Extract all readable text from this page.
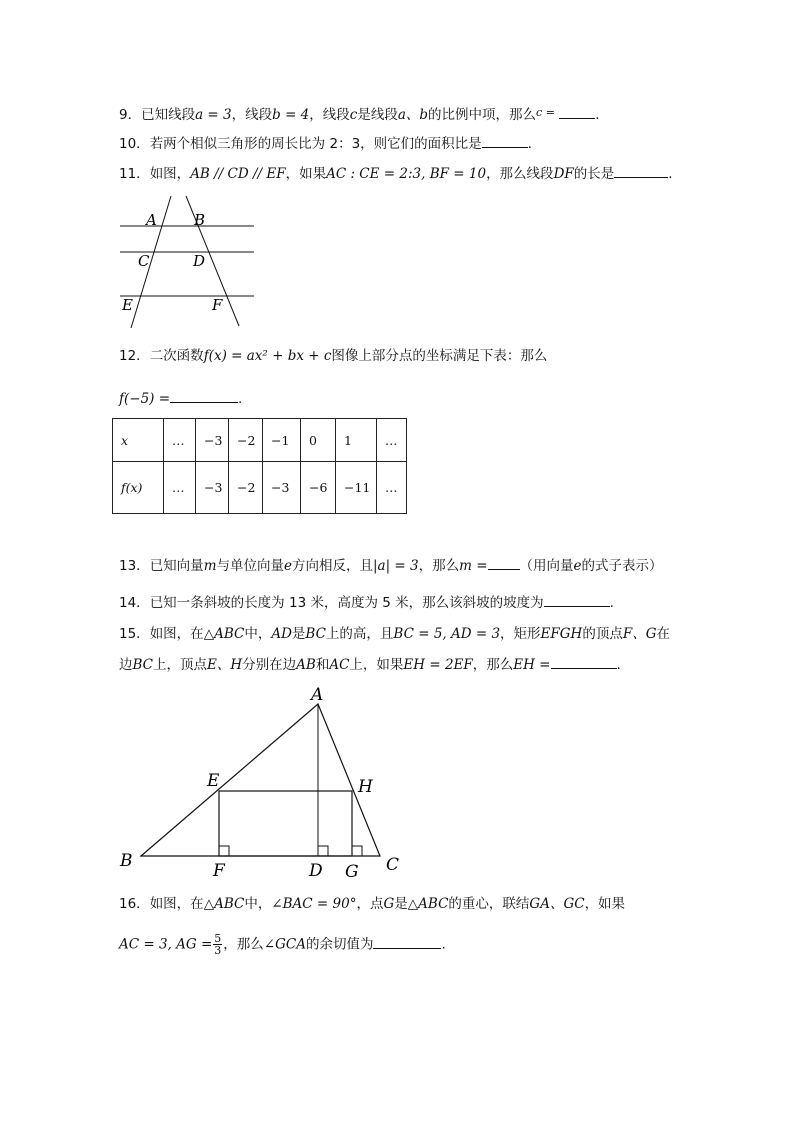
9．已知线段a = 3，线段b = 4，线段c是线段a、b的比例中项，那么$^{c =}$	.
10．若两个相似三角形的周长比为 2：3，则它们的面积比是	.
11．如图，AB // CD // EF，如果AC : CE = 2:3, BF = 10，那么线段DF的长是	.
A B
C	D
E	F
12．二次函数f(x) = ax² + bx + c图像上部分点的坐标满足下表：那么
f(−5) =	.
x	…	−3	−2	−1	0	1	…
f(x)	…	−3	−2	−3	−6	−11	…
13．已知向量m与单位向量e方向相反，且|a| = 3，那么m = （用向量e的式子表示）
14．已知一条斜坡的长度为 13 米，高度为 5 米，那么该斜坡的坡度为	.
15．如图，在△ABC中，AD是BC上的高，且BC = 5, AD = 3，矩形EFGH的顶点F、G在
边BC上，顶点E、H分别在边AB和AC上，如果EH = 2EF，那么EH =	.
A
E	H
B	F	D G C
16．如图，在△ABC中，∠BAC = 90°，点G是△ABC的重心，联结GA、GC，如果
AC = 3, AG = $\frac{5}{3}$ ，那么∠GCA的余切值为	.
